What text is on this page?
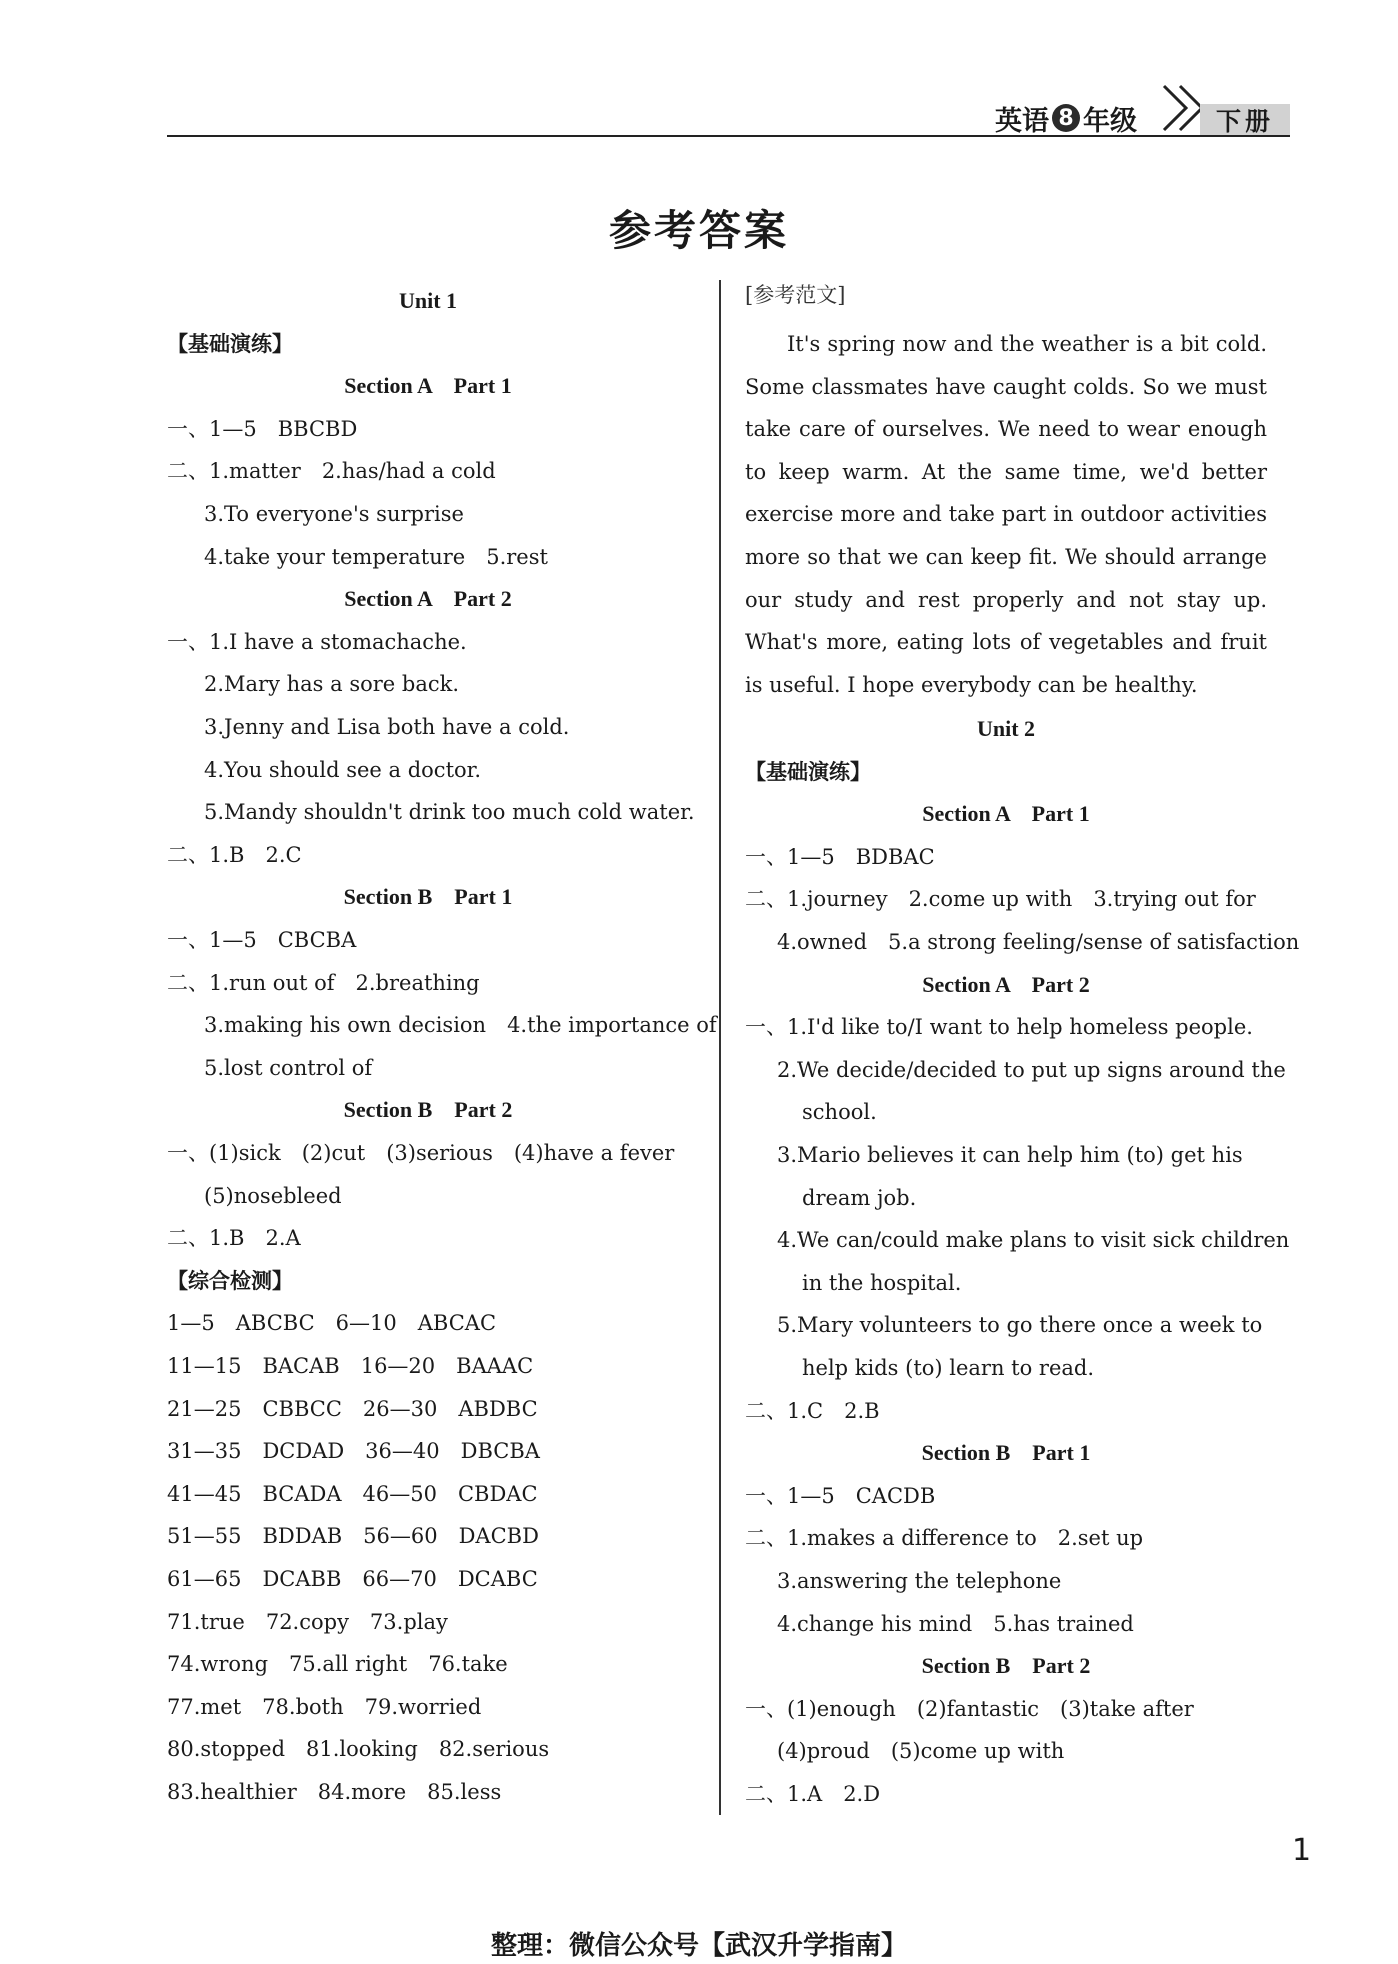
英语 8 年级	下册
参考答案
Unit 1
【基础演练】
Section A　Part 1
一、1—5　BBCBD
二、1.matter　2.has/had a cold
3.To everyone's surprise
4.take your temperature　5.rest
Section A　Part 2
一、1.I have a stomachache.
2.Mary has a sore back.
3.Jenny and Lisa both have a cold.
4.You should see a doctor.
5.Mandy shouldn't drink too much cold water.
二、1.B　2.C
Section B　Part 1
一、1—5　CBCBA
二、1.run out of　2.breathing
3.making his own decision　4.the importance of
5.lost control of
Section B　Part 2
一、(1)sick　(2)cut　(3)serious　(4)have a fever
(5)nosebleed
二、1.B　2.A
【综合检测】
1—5　ABCBC　6—10　ABCAC
11—15　BACAB　16—20　BAAAC
21—25　CBBCC　26—30　ABDBC
31—35　DCDAD　36—40　DBCBA
41—45　BCADA　46—50　CBDAC
51—55　BDDAB　56—60　DACBD
61—65　DCABB　66—70　DCABC
71.true　72.copy　73.play
74.wrong　75.all right　76.take
77.met　78.both　79.worried
80.stopped　81.looking　82.serious
83.healthier　84.more　85.less
[参考范文]
It's spring now and the weather is a bit cold. Some classmates have caught colds. So we must take care of ourselves. We need to wear enough to keep warm. At the same time, we'd better exercise more and take part in outdoor activities more so that we can keep fit. We should arrange our study and rest properly and not stay up. What's more, eating lots of vegetables and fruit is useful. I hope everybody can be healthy.
Unit 2
【基础演练】
Section A　Part 1
一、1—5　BDBAC
二、1.journey　2.come up with　3.trying out for
4.owned　5.a strong feeling/sense of satisfaction
Section A　Part 2
一、1.I'd like to/I want to help homeless people.
2.We decide/decided to put up signs around the
school.
3.Mario believes it can help him (to) get his
dream job.
4.We can/could make plans to visit sick children
in the hospital.
5.Mary volunteers to go there once a week to
help kids (to) learn to read.
二、1.C　2.B
Section B　Part 1
一、1—5　CACDB
二、1.makes a difference to　2.set up
3.answering the telephone
4.change his mind　5.has trained
Section B　Part 2
一、(1)enough　(2)fantastic　(3)take after
(4)proud　(5)come up with
二、1.A　2.D
1
整理：微信公众号【武汉升学指南】
